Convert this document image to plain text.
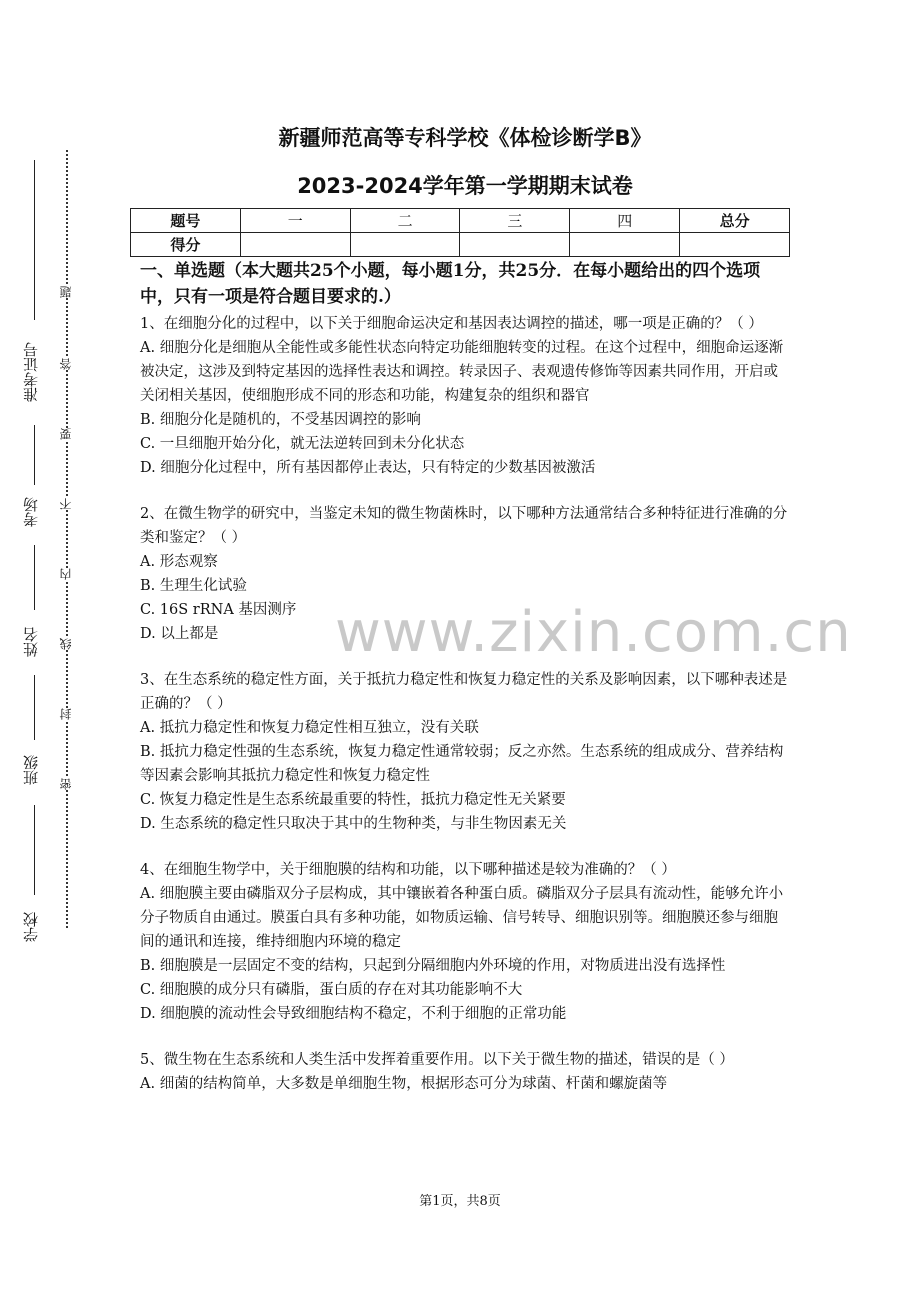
准考证号
考场
姓名
班级
学校
题
答
要
不
内
线
封
密
新疆师范高等专科学校《体检诊断学B》
2023-2024学年第一学期期末试卷
题号	一	二	三	四	总分
得分					
一、单选题（本大题共25个小题，每小题1分，共25分．在每小题给出的四个选项中，只有一项是符合题目要求的.）
1、在细胞分化的过程中，以下关于细胞命运决定和基因表达调控的描述，哪一项是正确的？（ ）
A. 细胞分化是细胞从全能性或多能性状态向特定功能细胞转变的过程。在这个过程中，细胞命运逐渐被决定，这涉及到特定基因的选择性表达和调控。转录因子、表观遗传修饰等因素共同作用，开启或关闭相关基因，使细胞形成不同的形态和功能，构建复杂的组织和器官
B. 细胞分化是随机的，不受基因调控的影响
C. 一旦细胞开始分化，就无法逆转回到未分化状态
D. 细胞分化过程中，所有基因都停止表达，只有特定的少数基因被激活
2、在微生物学的研究中，当鉴定未知的微生物菌株时，以下哪种方法通常结合多种特征进行准确的分类和鉴定？（ ）
A. 形态观察
B. 生理生化试验
C. 16S rRNA 基因测序
D. 以上都是
3、在生态系统的稳定性方面，关于抵抗力稳定性和恢复力稳定性的关系及影响因素，以下哪种表述是正确的？（ ）
A. 抵抗力稳定性和恢复力稳定性相互独立，没有关联
B. 抵抗力稳定性强的生态系统，恢复力稳定性通常较弱；反之亦然。生态系统的组成成分、营养结构等因素会影响其抵抗力稳定性和恢复力稳定性
C. 恢复力稳定性是生态系统最重要的特性，抵抗力稳定性无关紧要
D. 生态系统的稳定性只取决于其中的生物种类，与非生物因素无关
4、在细胞生物学中，关于细胞膜的结构和功能，以下哪种描述是较为准确的？（ ）
A. 细胞膜主要由磷脂双分子层构成，其中镶嵌着各种蛋白质。磷脂双分子层具有流动性，能够允许小分子物质自由通过。膜蛋白具有多种功能，如物质运输、信号转导、细胞识别等。细胞膜还参与细胞间的通讯和连接，维持细胞内环境的稳定
B. 细胞膜是一层固定不变的结构，只起到分隔细胞内外环境的作用，对物质进出没有选择性
C. 细胞膜的成分只有磷脂，蛋白质的存在对其功能影响不大
D. 细胞膜的流动性会导致细胞结构不稳定，不利于细胞的正常功能
5、微生物在生态系统和人类生活中发挥着重要作用。以下关于微生物的描述，错误的是（ ）
A. 细菌的结构简单，大多数是单细胞生物，根据形态可分为球菌、杆菌和螺旋菌等
www.zixin.com.cn
第1页，共8页
